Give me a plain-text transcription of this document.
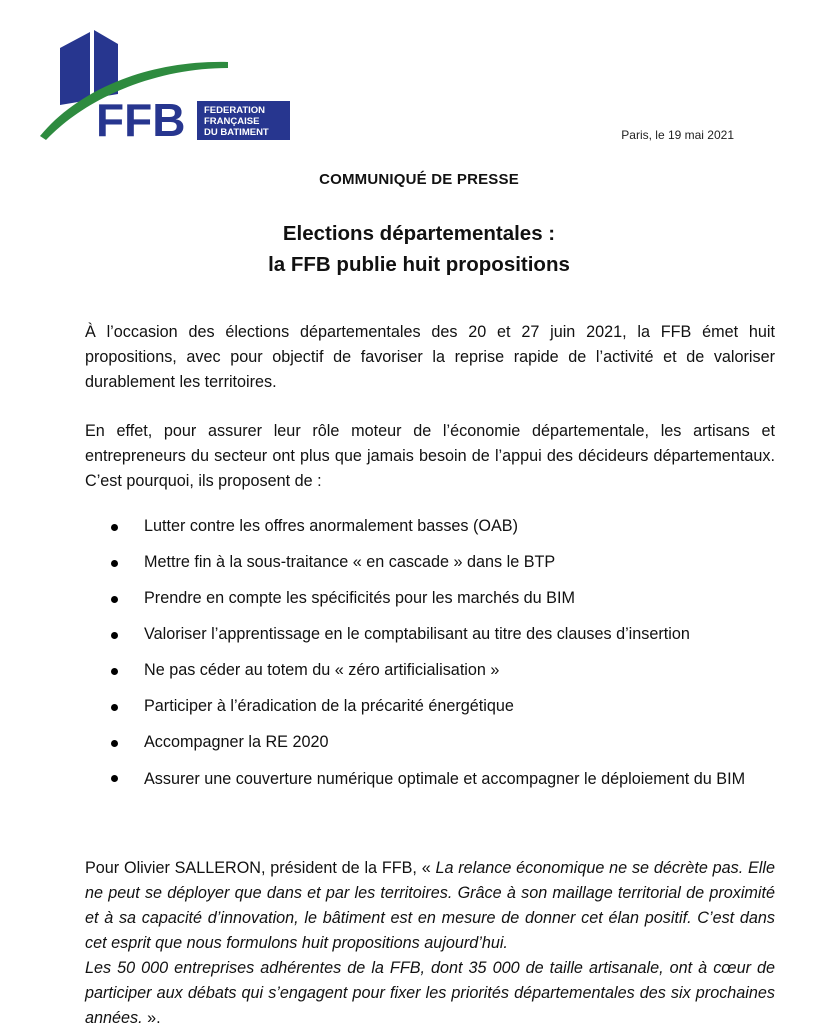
FFB FEDERATION
FRANÇAISE
DU BATIMENT	Paris, le 19 mai 2021
COMMUNIQUÉ DE PRESSE
Elections départementales :
la FFB publie huit propositions
À l’occasion des élections départementales des 20 et 27 juin 2021, la FFB émet huit propositions, avec pour objectif de favoriser la reprise rapide de l’activité et de valoriser durablement les territoires.
En effet, pour assurer leur rôle moteur de l’économie départementale, les artisans et entrepreneurs du secteur ont plus que jamais besoin de l’appui des décideurs départementaux. C’est pourquoi, ils proposent de :
Lutter contre les offres anormalement basses (OAB)
Mettre fin à la sous-traitance « en cascade » dans le BTP
Prendre en compte les spécificités pour les marchés du BIM
Valoriser l’apprentissage en le comptabilisant au titre des clauses d’insertion
Ne pas céder au totem du « zéro artificialisation »
Participer à l’éradication de la précarité énergétique
Accompagner la RE 2020
Assurer une couverture numérique optimale et accompagner le déploiement du BIM
Pour Olivier SALLERON, président de la FFB, « La relance économique ne se décrète pas. Elle ne peut se déployer que dans et par les territoires. Grâce à son maillage territorial de proximité et à sa capacité d’innovation, le bâtiment est en mesure de donner cet élan positif. C’est dans cet esprit que nous formulons huit propositions aujourd’hui.
Les 50 000 entreprises adhérentes de la FFB, dont 35 000 de taille artisanale, ont à cœur de participer aux débats qui s’engagent pour fixer les priorités départementales des six prochaines années. ».
